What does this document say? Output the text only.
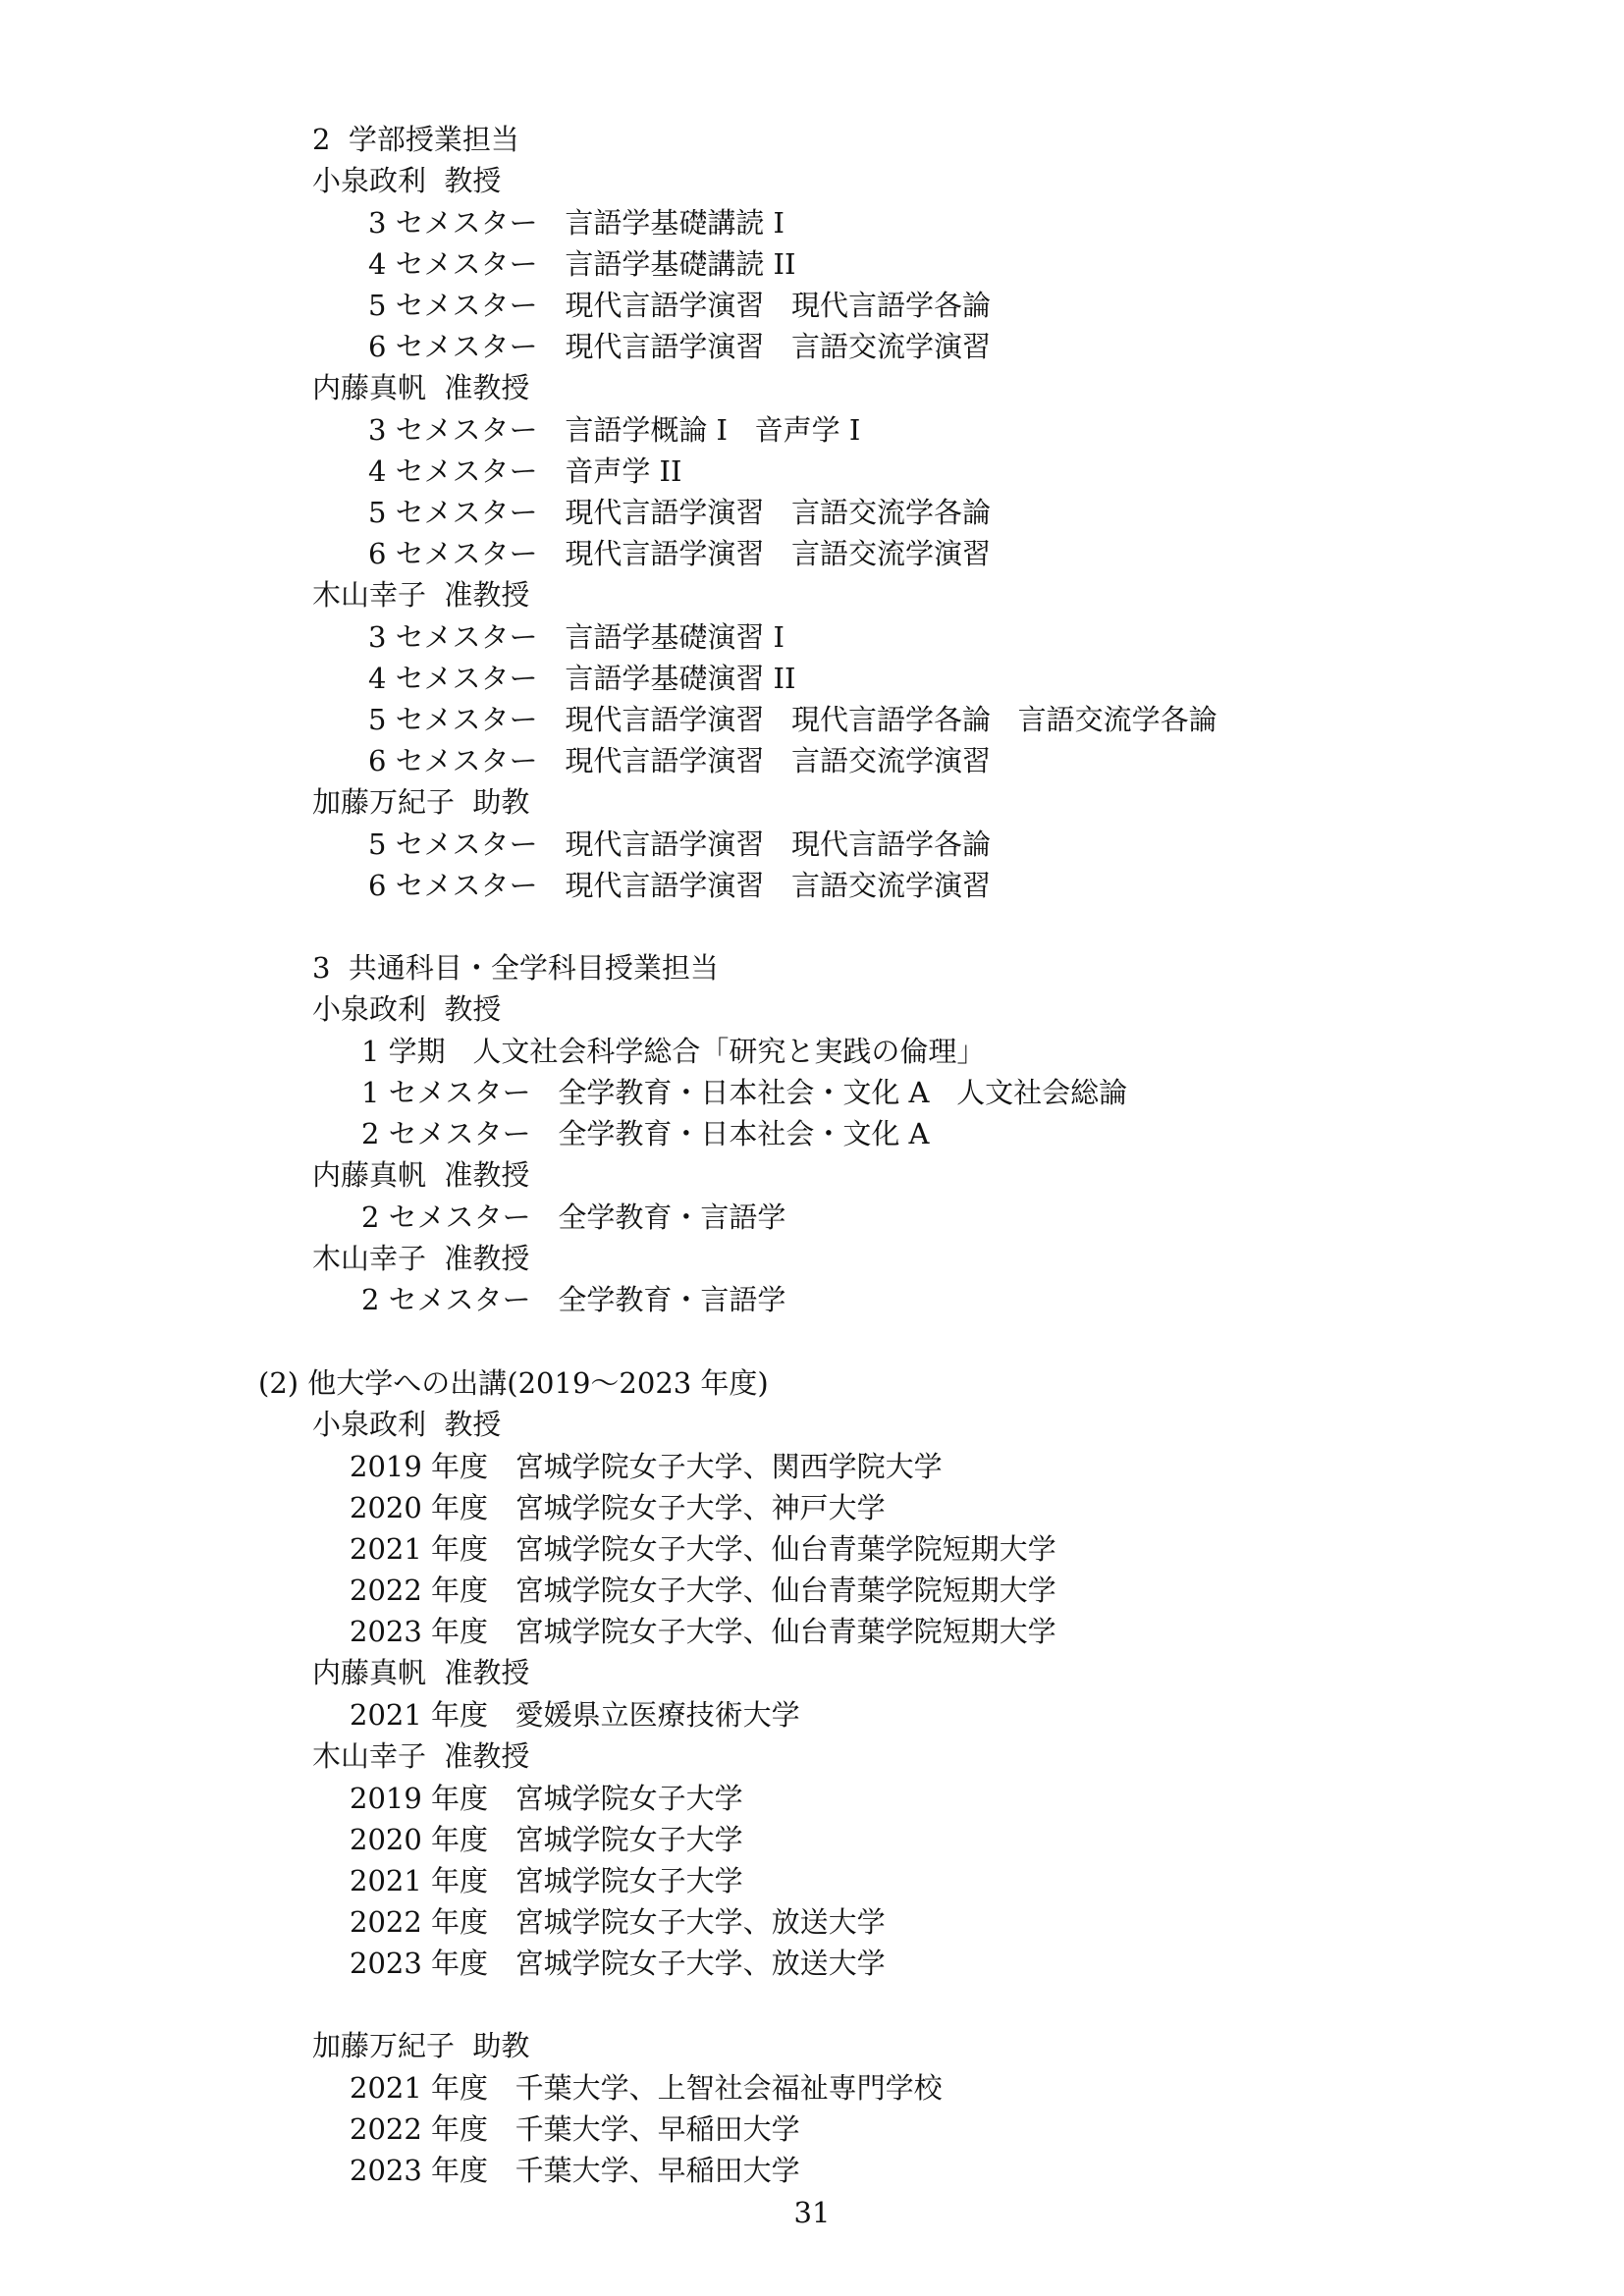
2  学部授業担当
小泉政利  教授
3 セメスター   言語学基礎講読 I
4 セメスター   言語学基礎講読 II
5 セメスター   現代言語学演習   現代言語学各論
6 セメスター   現代言語学演習   言語交流学演習
内藤真帆  准教授
3 セメスター   言語学概論 I   音声学 I
4 セメスター   音声学 II
5 セメスター   現代言語学演習   言語交流学各論
6 セメスター   現代言語学演習   言語交流学演習
木山幸子  准教授
3 セメスター   言語学基礎演習 I
4 セメスター   言語学基礎演習 II
5 セメスター   現代言語学演習   現代言語学各論   言語交流学各論
6 セメスター   現代言語学演習   言語交流学演習
加藤万紀子  助教
5 セメスター   現代言語学演習   現代言語学各論
6 セメスター   現代言語学演習   言語交流学演習
3  共通科目・全学科目授業担当
小泉政利  教授
1 学期   人文社会科学総合「研究と実践の倫理」
1 セメスター   全学教育・日本社会・文化 A   人文社会総論
2 セメスター   全学教育・日本社会・文化 A
内藤真帆  准教授
2 セメスター   全学教育・言語学
木山幸子  准教授
2 セメスター   全学教育・言語学
(2) 他大学への出講(2019～2023 年度)
小泉政利  教授
2019 年度   宮城学院女子大学、関西学院大学
2020 年度   宮城学院女子大学、神戸大学
2021 年度   宮城学院女子大学、仙台青葉学院短期大学
2022 年度   宮城学院女子大学、仙台青葉学院短期大学
2023 年度   宮城学院女子大学、仙台青葉学院短期大学
内藤真帆  准教授
2021 年度   愛媛県立医療技術大学
木山幸子  准教授
2019 年度   宮城学院女子大学
2020 年度   宮城学院女子大学
2021 年度   宮城学院女子大学
2022 年度   宮城学院女子大学、放送大学
2023 年度   宮城学院女子大学、放送大学
加藤万紀子  助教
2021 年度   千葉大学、上智社会福祉専門学校
2022 年度   千葉大学、早稲田大学
2023 年度   千葉大学、早稲田大学
31
